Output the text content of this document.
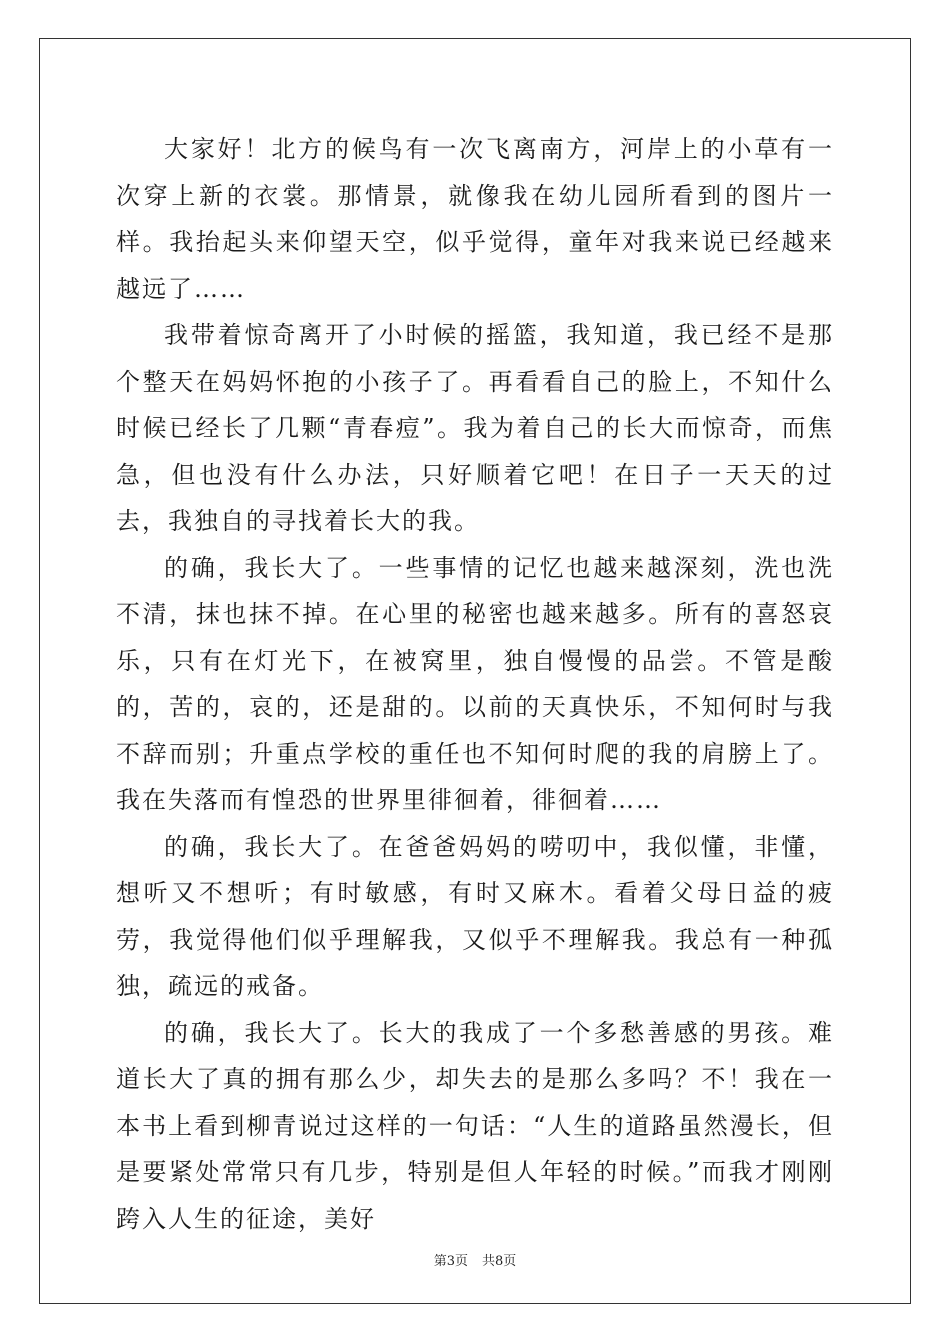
大家好！北方的候鸟有一次飞离南方，河岸上的小草有一次穿上新的衣裳。那情景，就像我在幼儿园所看到的图片一样。我抬起头来仰望天空，似乎觉得，童年对我来说已经越来越远了……

我带着惊奇离开了小时候的摇篮，我知道，我已经不是那个整天在妈妈怀抱的小孩子了。再看看自己的脸上，不知什么时候已经长了几颗“青春痘”。我为着自己的长大而惊奇，而焦急，但也没有什么办法，只好顺着它吧！在日子一天天的过去，我独自的寻找着长大的我。

的确，我长大了。一些事情的记忆也越来越深刻，洗也洗不清，抹也抹不掉。在心里的秘密也越来越多。所有的喜怒哀乐，只有在灯光下，在被窝里，独自慢慢的品尝。不管是酸的，苦的，哀的，还是甜的。以前的天真快乐，不知何时与我不辞而别；升重点学校的重任也不知何时爬的我的肩膀上了。我在失落而有惶恐的世界里徘徊着，徘徊着……

的确，我长大了。在爸爸妈妈的唠叨中，我似懂，非懂，想听又不想听；有时敏感，有时又麻木。看着父母日益的疲劳，我觉得他们似乎理解我，又似乎不理解我。我总有一种孤独，疏远的戒备。

的确，我长大了。长大的我成了一个多愁善感的男孩。难道长大了真的拥有那么少，却失去的是那么多吗？不！我在一本书上看到柳青说过这样的一句话：“人生的道路虽然漫长，但是要紧处常常只有几步，特别是但人年轻的时候。”而我才刚刚跨入人生的征途，美好

第3页 共8页
